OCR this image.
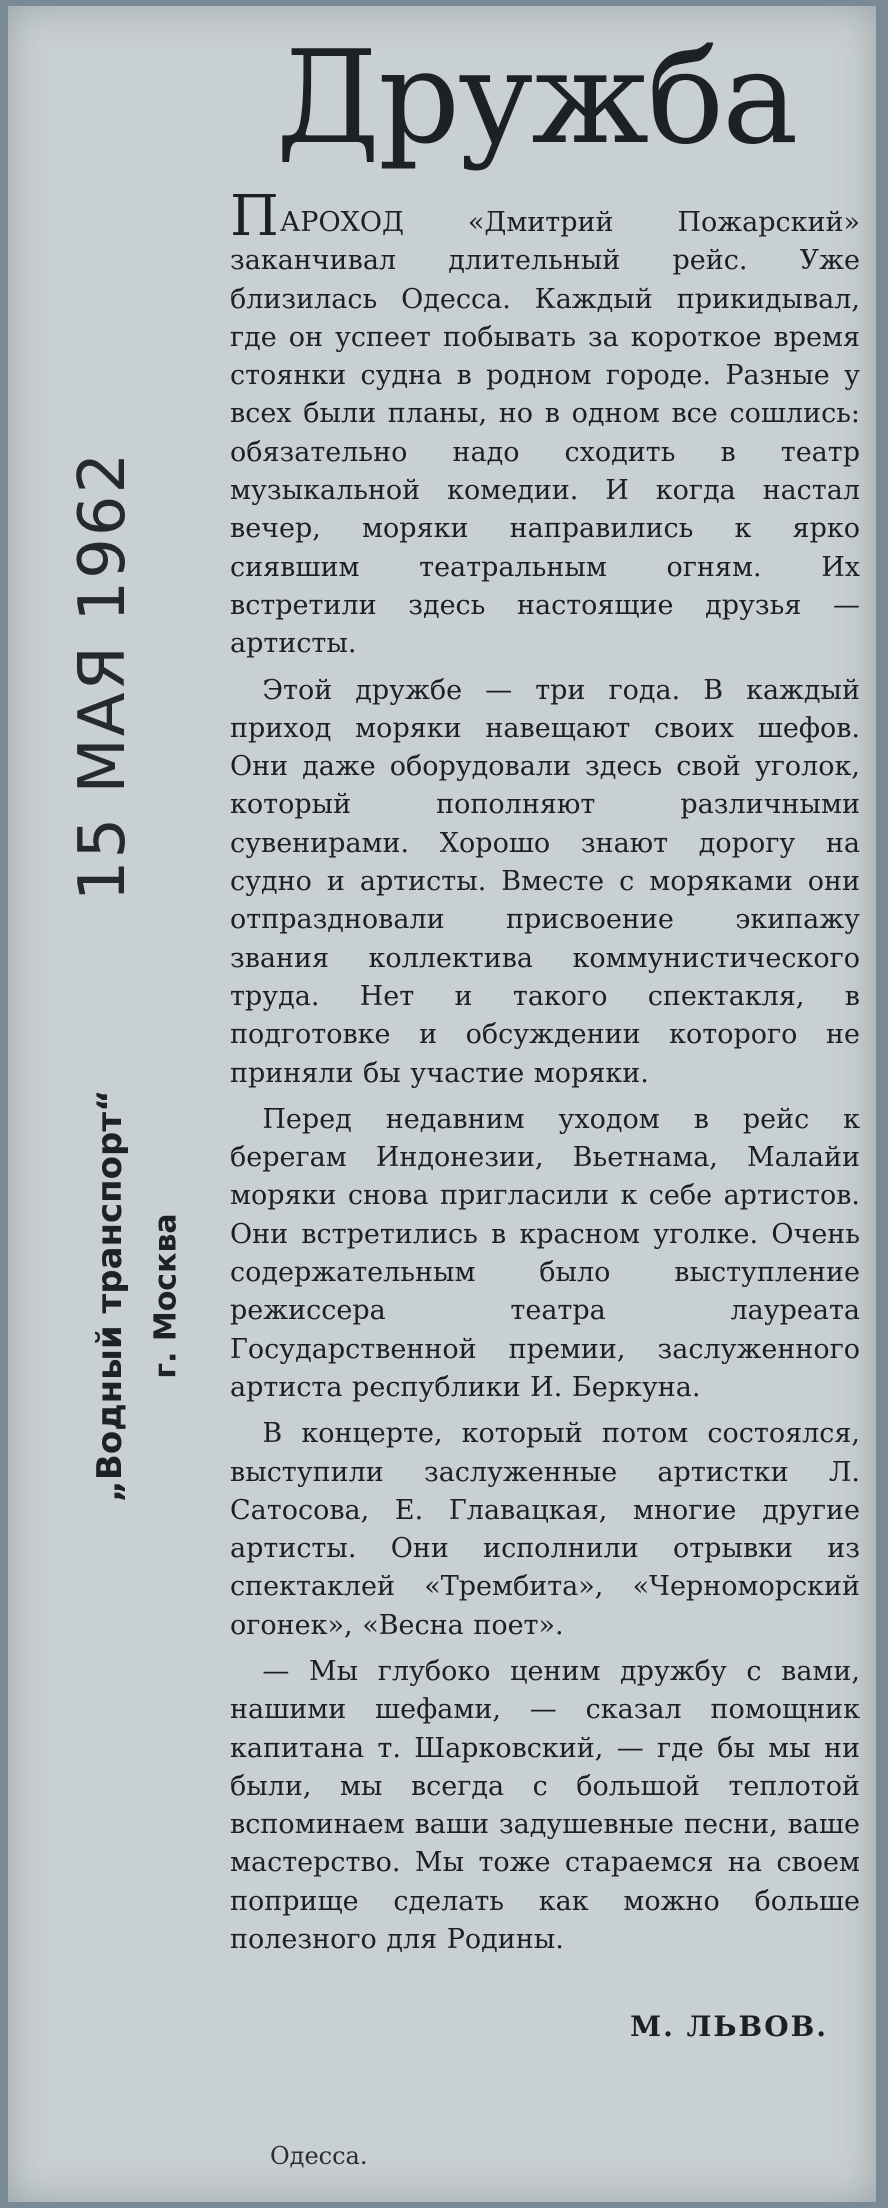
15 МАЯ 1962
„Водный транспорт“ г. Москва
Дружба

ПАРОХОД «Дмитрий Пожарский» заканчивал длительный рейс. Уже близилась Одесса. Каждый прикидывал, где он успеет побывать за короткое время стоянки судна в родном городе. Разные у всех были планы, но в одном все сошлись: обязательно надо сходить в театр музыкальной комедии. И когда настал вечер, моряки направились к ярко сиявшим театральным огням. Их встретили здесь настоящие друзья — артисты.

Этой дружбе — три года. В каждый приход моряки навещают своих шефов. Они даже оборудовали здесь свой уголок, который пополняют различными сувенирами. Хорошо знают дорогу на судно и артисты. Вместе с моряками они отпраздновали присвоение экипажу звания коллектива коммунистического труда. Нет и такого спектакля, в подготовке и обсуждении которого не приняли бы участие моряки.

Перед недавним уходом в рейс к берегам Индонезии, Вьетнама, Малайи моряки снова пригласили к себе артистов. Они встретились в красном уголке. Очень содержательным было выступление режиссера театра лауреата Государственной премии, заслуженного артиста республики И. Беркуна.

В концерте, который потом состоялся, выступили заслуженные артистки Л. Сатосова, Е. Главацкая, многие другие артисты. Они исполнили отрывки из спектаклей «Трембита», «Черноморский огонек», «Весна поет».

— Мы глубоко ценим дружбу с вами, нашими шефами, — сказал помощник капитана т. Шарковский, — где бы мы ни были, мы всегда с большой теплотой вспоминаем ваши задушевные песни, ваше мастерство. Мы тоже стараемся на своем поприще сделать как можно больше полезного для Родины.

М. ЛЬВОВ.
Одесса.
